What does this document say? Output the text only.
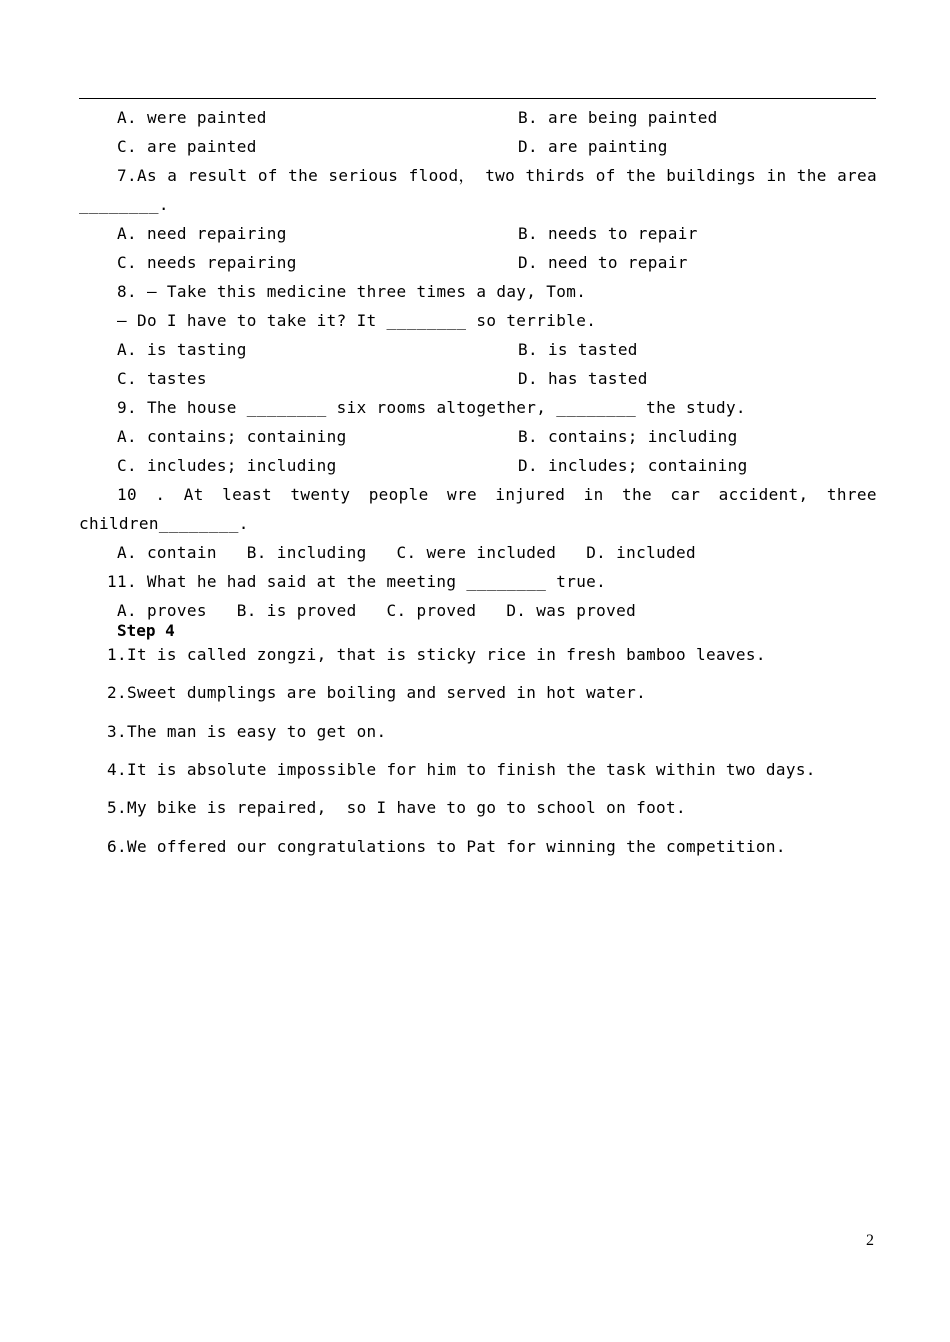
A. were painted	B. are being painted
C. are painted	D. are painting
7.As a result of the serious flood， two thirds of the buildings in the area
________.
A. need repairing	B. needs to repair
C. needs repairing	D. need to repair
8. — Take this medicine three times a day, Tom.
— Do I have to take it? It ________ so terrible.
A. is tasting	B. is tasted
C. tastes	D. has tasted
9. The house ________ six rooms altogether, ________ the study.
A. contains; containing	B. contains; including
C. includes; including	D. includes; containing
10 . At least twenty people wre injured in the car accident, three
children________.
A. contain   B. including   C. were included   D. included
11. What he had said at the meeting ________ true.
A. proves   B. is proved   C. proved   D. was proved
Step 4
1.It is called zongzi, that is sticky rice in fresh bamboo leaves.
2.Sweet dumplings are boiling and served in hot water.
3.The man is easy to get on.
4.It is absolute impossible for him to finish the task within two days.
5.My bike is repaired,  so I have to go to school on foot.
6.We offered our congratulations to Pat for winning the competition.
2
